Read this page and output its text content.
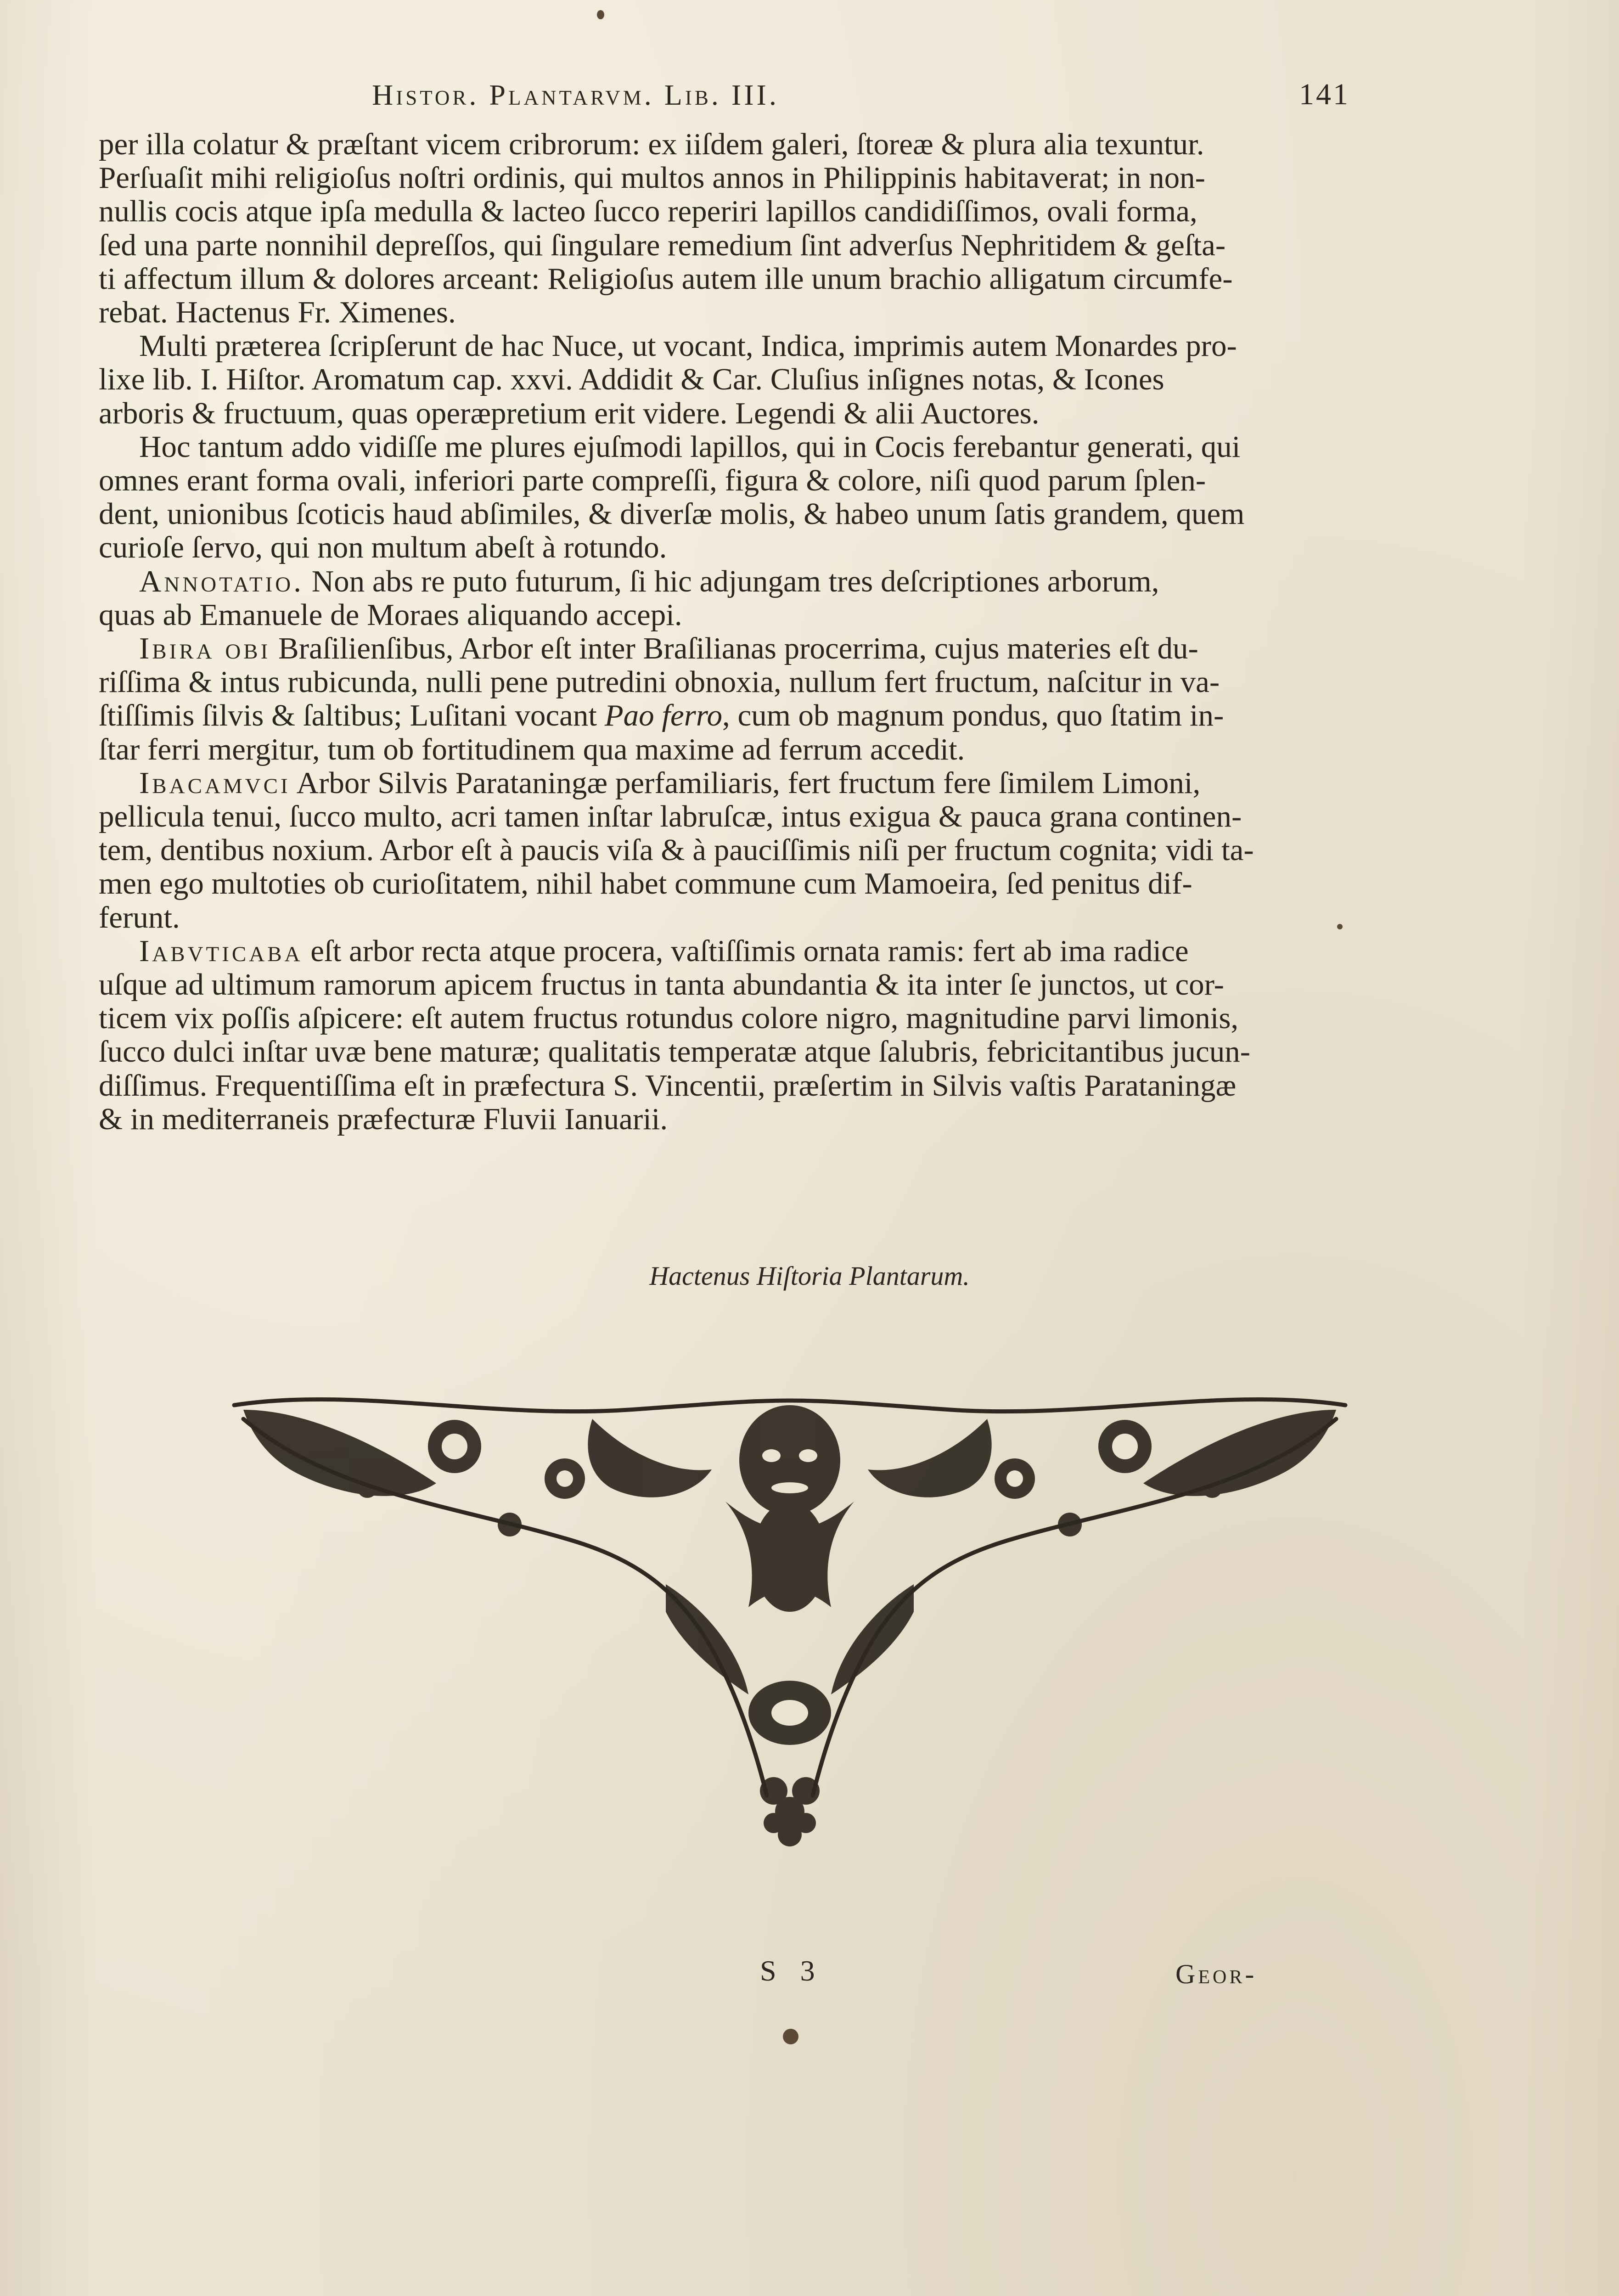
Histor. Plantarvm. Lib. III.	141
per illa colatur & præſtant vicem cribrorum: ex iiſdem galeri, ſtoreæ & plura alia texuntur.
Perſuaſit mihi religioſus noſtri ordinis, qui multos annos in Philippinis habitaverat; in non-
nullis cocis atque ipſa medulla & lacteo ſucco reperiri lapillos candidiſſimos, ovali forma,
ſed una parte nonnihil depreſſos, qui ſingulare remedium ſint adverſus Nephritidem & geſta-
ti affectum illum & dolores arceant: Religioſus autem ille unum brachio alligatum circumfe-
rebat. Hactenus Fr. Ximenes.
Multi præterea ſcripſerunt de hac Nuce, ut vocant, Indica, imprimis autem Monardes pro-
lixe lib. I. Hiſtor. Aromatum cap. xxvi. Addidit & Car. Cluſius inſignes notas, & Icones
arboris & fructuum, quas operæpretium erit videre. Legendi & alii Auctores.
Hoc tantum addo vidiſſe me plures ejuſmodi lapillos, qui in Cocis ferebantur generati, qui
omnes erant forma ovali, inferiori parte compreſſi, figura & colore, niſi quod parum ſplen-
dent, unionibus ſcoticis haud abſimiles, & diverſæ molis, & habeo unum ſatis grandem, quem
curioſe ſervo, qui non multum abeſt à rotundo.
Annotatio. Non abs re puto futurum, ſi hic adjungam tres deſcriptiones arborum,
quas ab Emanuele de Moraes aliquando accepi.
Ibira obi Braſilienſibus, Arbor eſt inter Braſilianas procerrima, cujus materies eſt du-
riſſima & intus rubicunda, nulli pene putredini obnoxia, nullum fert fructum, naſcitur in va-
ſtiſſimis ſilvis & ſaltibus; Luſitani vocant Pao ferro, cum ob magnum pondus, quo ſtatim in-
ſtar ferri mergitur, tum ob fortitudinem qua maxime ad ferrum accedit.
Ibacamvci Arbor Silvis Parataningæ perfamiliaris, fert fructum fere ſimilem Limoni,
pellicula tenui, ſucco multo, acri tamen inſtar labruſcæ, intus exigua & pauca grana continen-
tem, dentibus noxium. Arbor eſt à paucis viſa & à pauciſſimis niſi per fructum cognita; vidi ta-
men ego multoties ob curioſitatem, nihil habet commune cum Mamoeira, ſed penitus dif-
ferunt.
Iabvticaba eſt arbor recta atque procera, vaſtiſſimis ornata ramis: fert ab ima radice
uſque ad ultimum ramorum apicem fructus in tanta abundantia & ita inter ſe junctos, ut cor-
ticem vix poſſis aſpicere: eſt autem fructus rotundus colore nigro, magnitudine parvi limonis,
ſucco dulci inſtar uvæ bene maturæ; qualitatis temperatæ atque ſalubris, febricitantibus jucun-
diſſimus. Frequentiſſima eſt in præfectura S. Vincentii, præſertim in Silvis vaſtis Parataningæ
& in mediterraneis præfecturæ Fluvii Ianuarii.
Hactenus Hiſtoria Plantarum.
S 3	Geor-
